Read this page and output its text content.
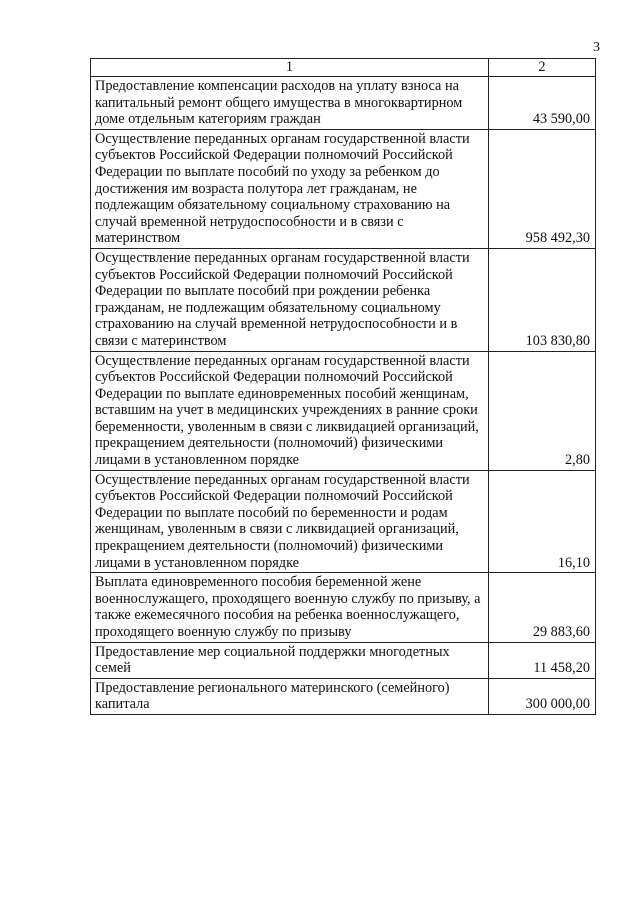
3
1	2
Предоставление компенсации расходов на уплату взноса на капитальный ремонт общего имущества в многоквартирном доме отдельным категориям граждан	43 590,00
Осуществление переданных органам государственной власти субъектов Российской Федерации полномочий Российской Федерации по выплате пособий по уходу за ребенком до достижения им возраста полутора лет гражданам, не подлежащим обязательному социальному страхованию на случай временной нетрудоспособности и в связи с материнством	958 492,30
Осуществление переданных органам государственной власти субъектов Российской Федерации полномочий Российской Федерации по выплате пособий при рождении ребенка гражданам, не подлежащим обязательному социальному страхованию на случай временной нетрудоспособности и в связи с материнством	103 830,80
Осуществление переданных органам государственной власти субъектов Российской Федерации полномочий Российской Федерации по выплате единовременных пособий женщинам, вставшим на учет в медицинских учреждениях в ранние сроки беременности, уволенным в связи с ликвидацией организаций, прекращением деятельности (полномочий) физическими лицами в установленном порядке	2,80
Осуществление переданных органам государственной власти субъектов Российской Федерации полномочий Российской Федерации по выплате пособий по беременности и родам женщинам, уволенным в связи с ликвидацией организаций, прекращением деятельности (полномочий) физическими лицами в установленном порядке	16,10
Выплата единовременного пособия беременной жене военнослужащего, проходящего военную службу по призыву, а также ежемесячного пособия на ребенка военнослужащего, проходящего военную службу по призыву	29 883,60
Предоставление мер социальной поддержки многодетных семей	11 458,20
Предоставление регионального материнского (семейного) капитала	300 000,00
